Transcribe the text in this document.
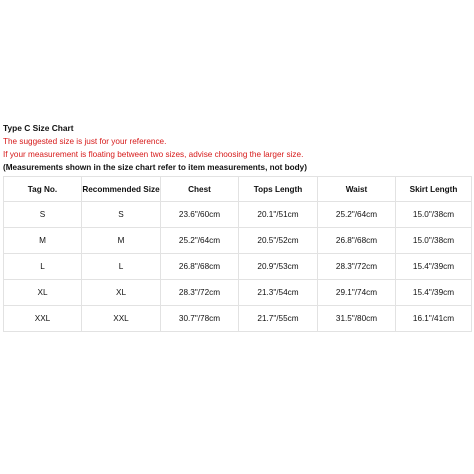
Type C Size Chart
The suggested size is just for your reference.
If your measurement is floating between two sizes, advise choosing the larger size.
(Measurements shown in the size chart refer to item measurements, not body)
Tag No.	Recommended Size	Chest	Tops Length	Waist	Skirt Length
S	S	23.6"/60cm	20.1"/51cm	25.2"/64cm	15.0"/38cm
M	M	25.2"/64cm	20.5"/52cm	26.8"/68cm	15.0"/38cm
L	L	26.8"/68cm	20.9"/53cm	28.3"/72cm	15.4"/39cm
XL	XL	28.3"/72cm	21.3"/54cm	29.1"/74cm	15.4"/39cm
XXL	XXL	30.7"/78cm	21.7"/55cm	31.5"/80cm	16.1"/41cm
